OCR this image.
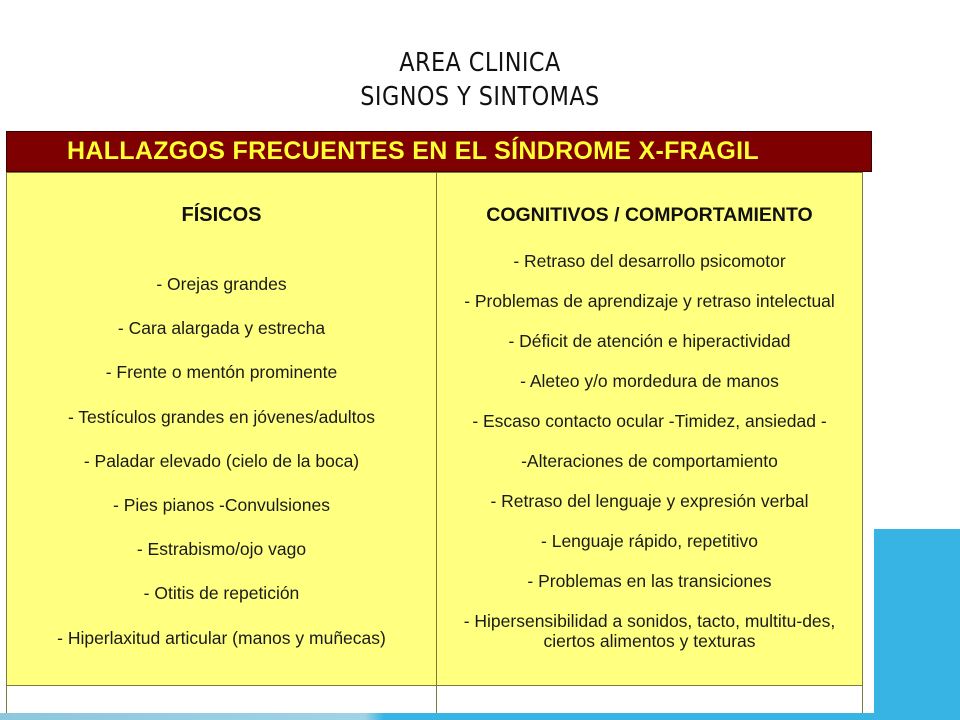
AREA CLINICA
SIGNOS Y SINTOMAS
HALLAZGOS FRECUENTES EN EL SÍNDROME X-FRAGIL
FÍSICOS
- Orejas grandes
- Cara alargada y estrecha
- Frente o mentón prominente
- Testículos grandes en jóvenes/adultos
- Paladar elevado (cielo de la boca)
- Pies pianos -Convulsiones
- Estrabismo/ojo vago
- Otitis de repetición
- Hiperlaxitud articular (manos y muñecas)
COGNITIVOS / COMPORTAMIENTO
- Retraso del desarrollo psicomotor
- Problemas de aprendizaje y retraso intelectual
- Déficit de atención e hiperactividad
- Aleteo y/o mordedura de manos
- Escaso contacto ocular -Timidez, ansiedad -
-Alteraciones de comportamiento
- Retraso del lenguaje y expresión verbal
- Lenguaje rápido, repetitivo
- Problemas en las transiciones
- Hipersensibilidad a sonidos, tacto, multitu-des, ciertos alimentos y texturas
